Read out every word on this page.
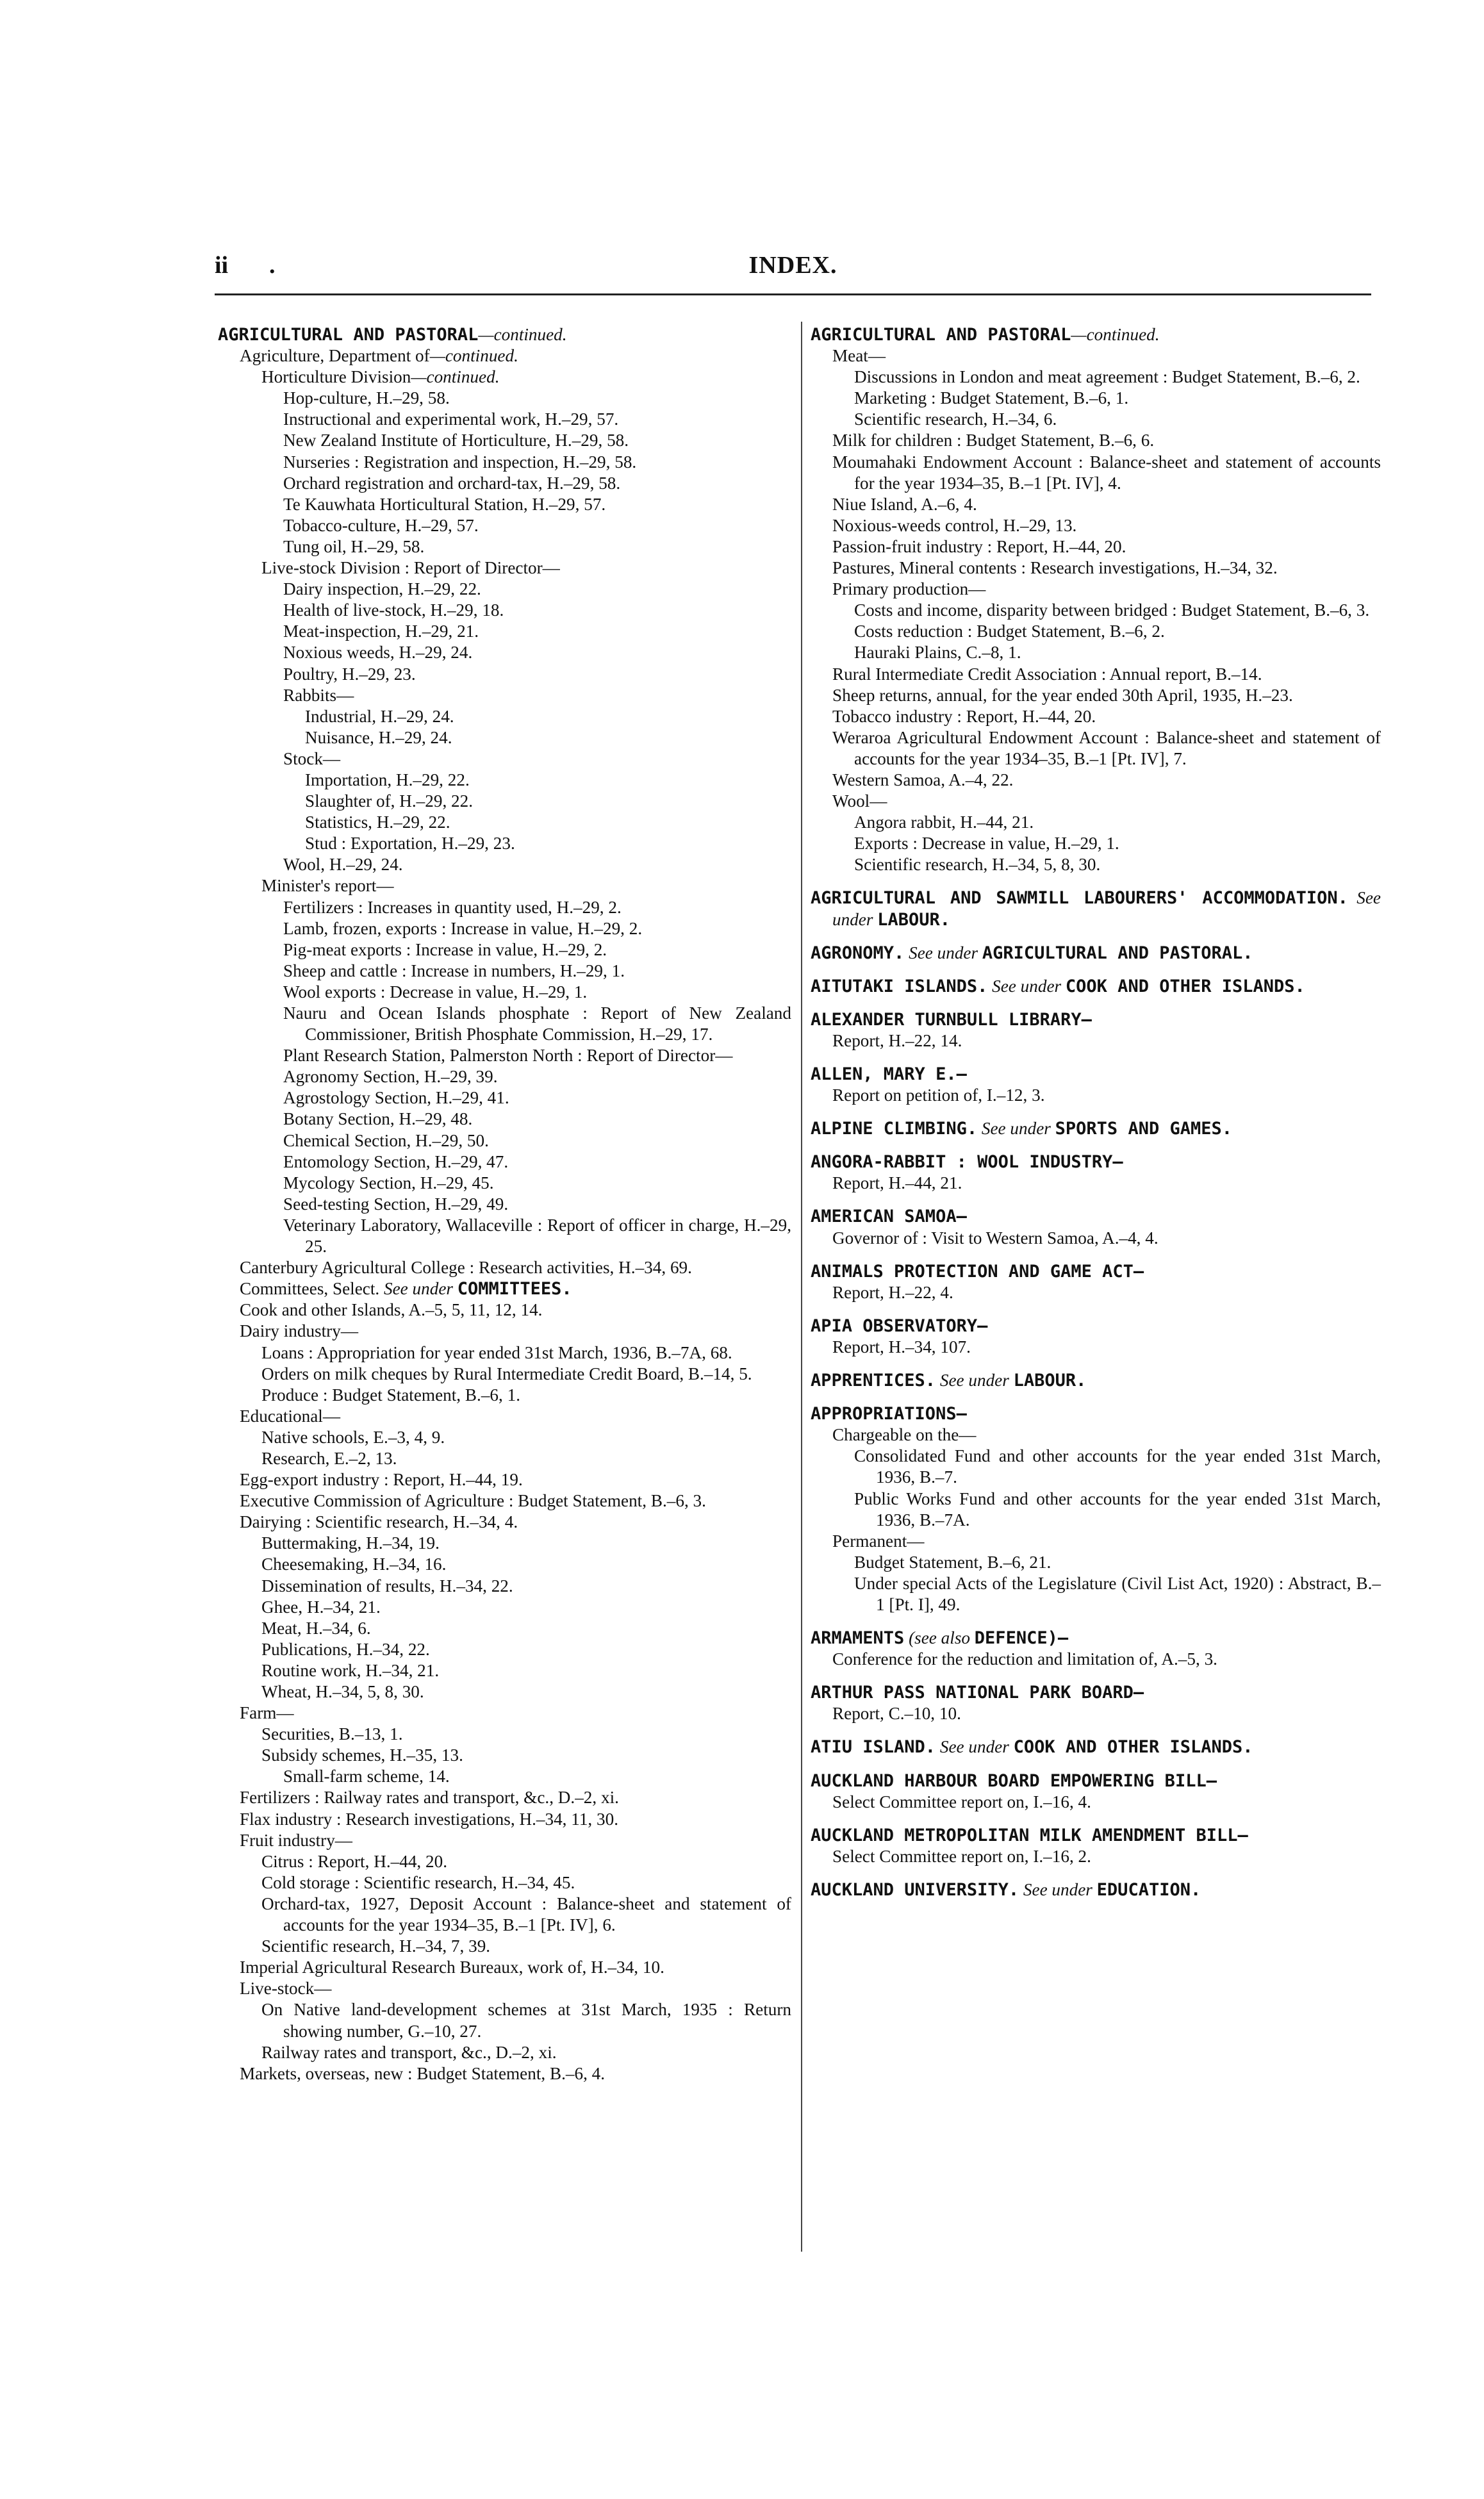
ii .	INDEX.
AGRICULTURAL AND PASTORAL—continued.
Agriculture, Department of—continued.
Horticulture Division—continued.
Hop-culture, H.–29, 58.
Instructional and experimental work, H.–29, 57.
New Zealand Institute of Horticulture, H.–29, 58.
Nurseries : Registration and inspection, H.–29, 58.
Orchard registration and orchard-tax, H.–29, 58.
Te Kauwhata Horticultural Station, H.–29, 57.
Tobacco-culture, H.–29, 57.
Tung oil, H.–29, 58.
Live-stock Division : Report of Director—
Dairy inspection, H.–29, 22.
Health of live-stock, H.–29, 18.
Meat-inspection, H.–29, 21.
Noxious weeds, H.–29, 24.
Poultry, H.–29, 23.
Rabbits—
Industrial, H.–29, 24.
Nuisance, H.–29, 24.
Stock—
Importation, H.–29, 22.
Slaughter of, H.–29, 22.
Statistics, H.–29, 22.
Stud : Exportation, H.–29, 23.
Wool, H.–29, 24.
Minister's report—
Fertilizers : Increases in quantity used, H.–29, 2.
Lamb, frozen, exports : Increase in value, H.–29, 2.
Pig-meat exports : Increase in value, H.–29, 2.
Sheep and cattle : Increase in numbers, H.–29, 1.
Wool exports : Decrease in value, H.–29, 1.
Nauru and Ocean Islands phosphate : Report of New Zealand Commissioner, British Phosphate Commission, H.–29, 17.
Plant Research Station, Palmerston North : Report of Director—
Agronomy Section, H.–29, 39.
Agrostology Section, H.–29, 41.
Botany Section, H.–29, 48.
Chemical Section, H.–29, 50.
Entomology Section, H.–29, 47.
Mycology Section, H.–29, 45.
Seed-testing Section, H.–29, 49.
Veterinary Laboratory, Wallaceville : Report of officer in charge, H.–29, 25.
Canterbury Agricultural College : Research activities, H.–34, 69.
Committees, Select. See under COMMITTEES.
Cook and other Islands, A.–5, 5, 11, 12, 14.
Dairy industry—
Loans : Appropriation for year ended 31st March, 1936, B.–7A, 68.
Orders on milk cheques by Rural Intermediate Credit Board, B.–14, 5.
Produce : Budget Statement, B.–6, 1.
Educational—
Native schools, E.–3, 4, 9.
Research, E.–2, 13.
Egg-export industry : Report, H.–44, 19.
Executive Commission of Agriculture : Budget Statement, B.–6, 3.
Dairying : Scientific research, H.–34, 4.
Buttermaking, H.–34, 19.
Cheesemaking, H.–34, 16.
Dissemination of results, H.–34, 22.
Ghee, H.–34, 21.
Meat, H.–34, 6.
Publications, H.–34, 22.
Routine work, H.–34, 21.
Wheat, H.–34, 5, 8, 30.
Farm—
Securities, B.–13, 1.
Subsidy schemes, H.–35, 13.
Small-farm scheme, 14.
Fertilizers : Railway rates and transport, &c., D.–2, xi.
Flax industry : Research investigations, H.–34, 11, 30.
Fruit industry—
Citrus : Report, H.–44, 20.
Cold storage : Scientific research, H.–34, 45.
Orchard-tax, 1927, Deposit Account : Balance-sheet and statement of accounts for the year 1934–35, B.–1 [Pt. IV], 6.
Scientific research, H.–34, 7, 39.
Imperial Agricultural Research Bureaux, work of, H.–34, 10.
Live-stock—
On Native land-development schemes at 31st March, 1935 : Return showing number, G.–10, 27.
Railway rates and transport, &c., D.–2, xi.
Markets, overseas, new : Budget Statement, B.–6, 4.
AGRICULTURAL AND PASTORAL—continued.
Meat—
Discussions in London and meat agreement : Budget Statement, B.–6, 2.
Marketing : Budget Statement, B.–6, 1.
Scientific research, H.–34, 6.
Milk for children : Budget Statement, B.–6, 6.
Moumahaki Endowment Account : Balance-sheet and statement of accounts for the year 1934–35, B.–1 [Pt. IV], 4.
Niue Island, A.–6, 4.
Noxious-weeds control, H.–29, 13.
Passion-fruit industry : Report, H.–44, 20.
Pastures, Mineral contents : Research investigations, H.–34, 32.
Primary production—
Costs and income, disparity between bridged : Budget Statement, B.–6, 3.
Costs reduction : Budget Statement, B.–6, 2.
Hauraki Plains, C.–8, 1.
Rural Intermediate Credit Association : Annual report, B.–14.
Sheep returns, annual, for the year ended 30th April, 1935, H.–23.
Tobacco industry : Report, H.–44, 20.
Weraroa Agricultural Endowment Account : Balance-sheet and statement of accounts for the year 1934–35, B.–1 [Pt. IV], 7.
Western Samoa, A.–4, 22.
Wool—
Angora rabbit, H.–44, 21.
Exports : Decrease in value, H.–29, 1.
Scientific research, H.–34, 5, 8, 30.
AGRICULTURAL AND SAWMILL LABOURERS' ACCOMMODATION. See under LABOUR.
AGRONOMY. See under AGRICULTURAL AND PASTORAL.
AITUTAKI ISLANDS. See under COOK AND OTHER ISLANDS.
ALEXANDER TURNBULL LIBRARY—
Report, H.–22, 14.
ALLEN, MARY E.—
Report on petition of, I.–12, 3.
ALPINE CLIMBING. See under SPORTS AND GAMES.
ANGORA-RABBIT : WOOL INDUSTRY—
Report, H.–44, 21.
AMERICAN SAMOA—
Governor of : Visit to Western Samoa, A.–4, 4.
ANIMALS PROTECTION AND GAME ACT—
Report, H.–22, 4.
APIA OBSERVATORY—
Report, H.–34, 107.
APPRENTICES. See under LABOUR.
APPROPRIATIONS—
Chargeable on the—
Consolidated Fund and other accounts for the year ended 31st March, 1936, B.–7.
Public Works Fund and other accounts for the year ended 31st March, 1936, B.–7A.
Permanent—
Budget Statement, B.–6, 21.
Under special Acts of the Legislature (Civil List Act, 1920) : Abstract, B.–1 [Pt. I], 49.
ARMAMENTS (see also DEFENCE)—
Conference for the reduction and limitation of, A.–5, 3.
ARTHUR PASS NATIONAL PARK BOARD—
Report, C.–10, 10.
ATIU ISLAND. See under COOK AND OTHER ISLANDS.
AUCKLAND HARBOUR BOARD EMPOWERING BILL—
Select Committee report on, I.–16, 4.
AUCKLAND METROPOLITAN MILK AMENDMENT BILL—
Select Committee report on, I.–16, 2.
AUCKLAND UNIVERSITY. See under EDUCATION.
